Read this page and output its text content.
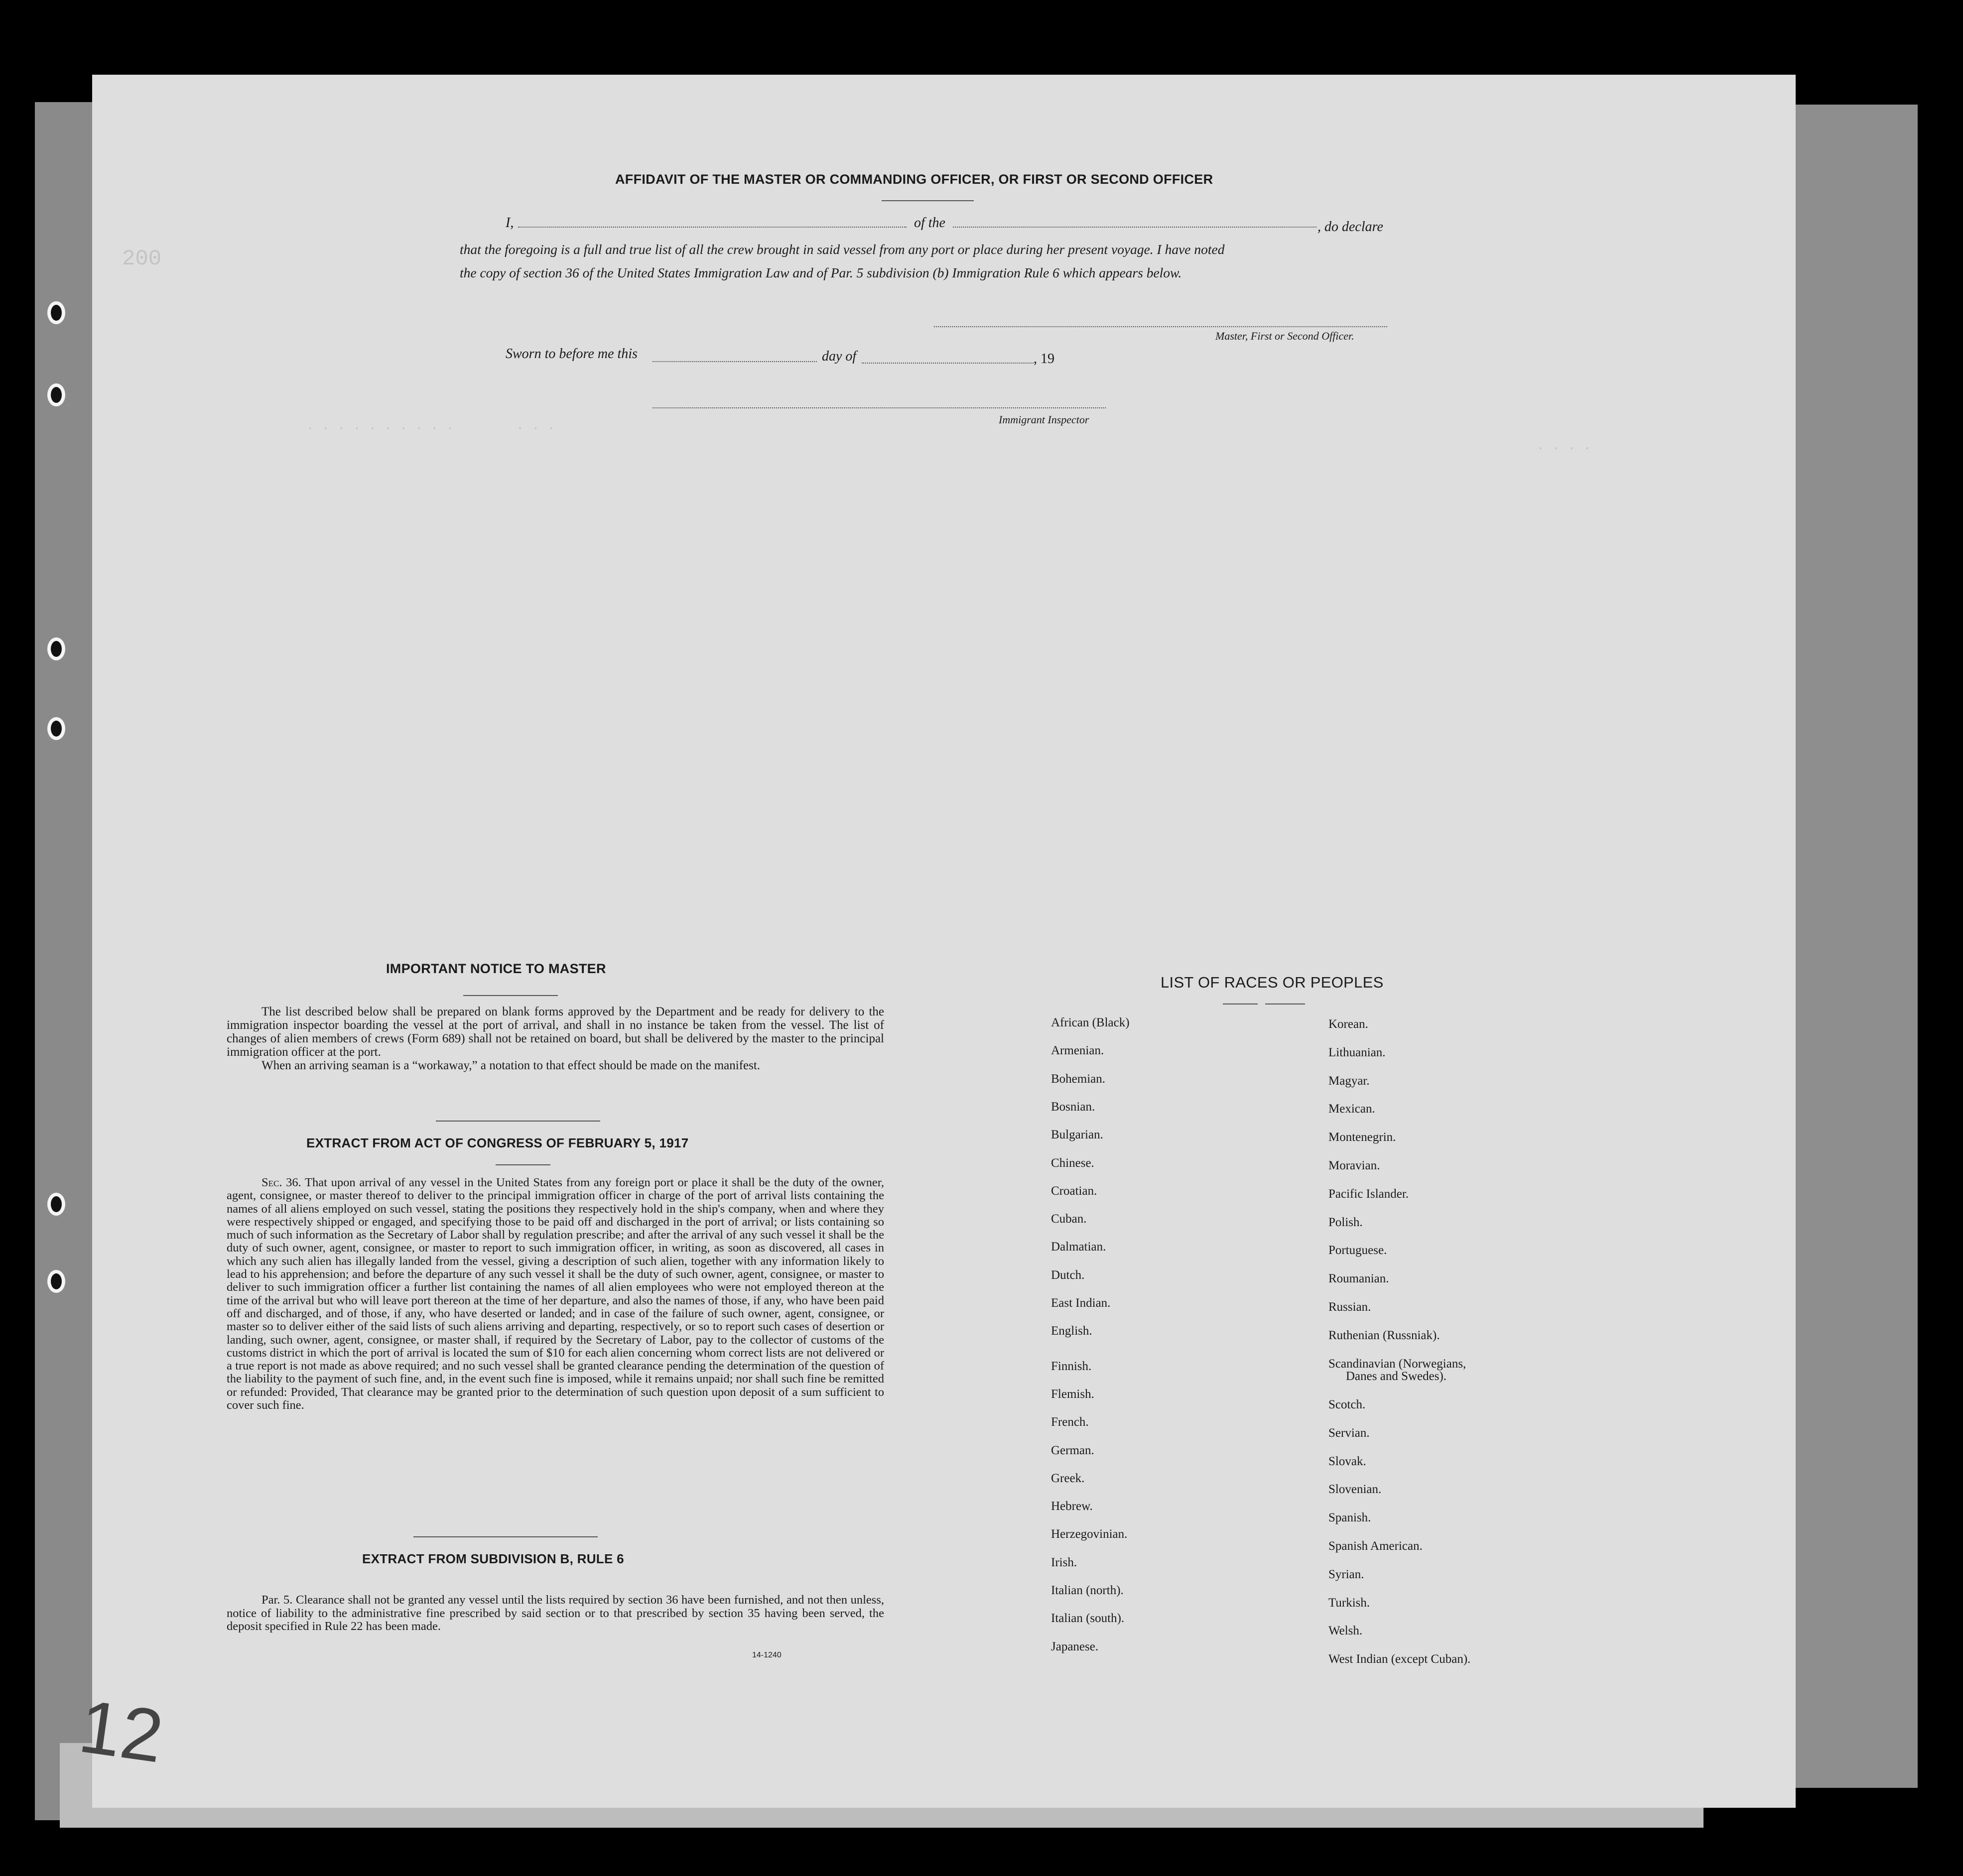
200
. . . . . . . . . .        . . .
. . . .
AFFIDAVIT OF THE MASTER OR COMMANDING OFFICER, OR FIRST OR SECOND OFFICER
I,	of the	, do declare
that the foregoing is a full and true list of all the crew brought in said vessel from any port or place during her present voyage. I have noted
the copy of section 36 of the United States Immigration Law and of Par. 5 subdivision (b) Immigration Rule 6 which appears below.
Master, First or Second Officer.
Sworn to before me this	day of	, 19
Immigrant Inspector
IMPORTANT NOTICE TO MASTER

The list described below shall be prepared on blank forms approved by the Department and be ready for delivery to the immigration inspector boarding the vessel at the port of arrival, and shall in no instance be taken from the vessel. The list of changes of alien members of crews (Form 689) shall not be retained on board, but shall be delivered by the master to the principal immigration officer at the port.

When an arriving seaman is a “workaway,” a notation to that effect should be made on the manifest.

EXTRACT FROM ACT OF CONGRESS OF FEBRUARY 5, 1917

Sec. 36. That upon arrival of any vessel in the United States from any foreign port or place it shall be the duty of the owner, agent, consignee, or master thereof to deliver to the principal immigration officer in charge of the port of arrival lists containing the names of all aliens employed on such vessel, stating the positions they respectively hold in the ship's company, when and where they were respectively shipped or engaged, and specifying those to be paid off and discharged in the port of arrival; or lists containing so much of such information as the Secretary of Labor shall by regulation prescribe; and after the arrival of any such vessel it shall be the duty of such owner, agent, consignee, or master to report to such immigration officer, in writing, as soon as discovered, all cases in which any such alien has illegally landed from the vessel, giving a description of such alien, together with any information likely to lead to his apprehension; and before the departure of any such vessel it shall be the duty of such owner, agent, consignee, or master to deliver to such immigration officer a further list containing the names of all alien employees who were not employed thereon at the time of the arrival but who will leave port thereon at the time of her departure, and also the names of those, if any, who have been paid off and discharged, and of those, if any, who have deserted or landed; and in case of the failure of such owner, agent, consignee, or master so to deliver either of the said lists of such aliens arriving and departing, respectively, or so to report such cases of desertion or landing, such owner, agent, consignee, or master shall, if required by the Secretary of Labor, pay to the collector of customs of the customs district in which the port of arrival is located the sum of $10 for each alien concerning whom correct lists are not delivered or a true report is not made as above required; and no such vessel shall be granted clearance pending the determination of the question of the liability to the payment of such fine, and, in the event such fine is imposed, while it remains unpaid; nor shall such fine be remitted or refunded: Provided, That clearance may be granted prior to the determination of such question upon deposit of a sum sufficient to cover such fine.

EXTRACT FROM SUBDIVISION B, RULE 6

Par. 5. Clearance shall not be granted any vessel until the lists required by section 36 have been furnished, and not then unless, notice of liability to the administrative fine prescribed by said section or to that prescribed by section 35 having been served, the deposit specified in Rule 22 has been made.

14-1240
LIST OF RACES OR PEOPLES
12
African (Black)
Armenian.
Bohemian.
Bosnian.
Bulgarian.
Chinese.
Croatian.
Cuban.
Dalmatian.
Dutch.
East Indian.
English.
Finnish.
Flemish.
French.
German.
Greek.
Hebrew.
Herzegovinian.
Irish.
Italian (north).
Italian (south).
Japanese.
Korean.
Lithuanian.
Magyar.
Mexican.
Montenegrin.
Moravian.
Pacific Islander.
Polish.
Portuguese.
Roumanian.
Russian.
Ruthenian (Russniak).
Scandinavian (Norwegians,
Danes and Swedes).
Scotch.
Servian.
Slovak.
Slovenian.
Spanish.
Spanish American.
Syrian.
Turkish.
Welsh.
West Indian (except Cuban).
